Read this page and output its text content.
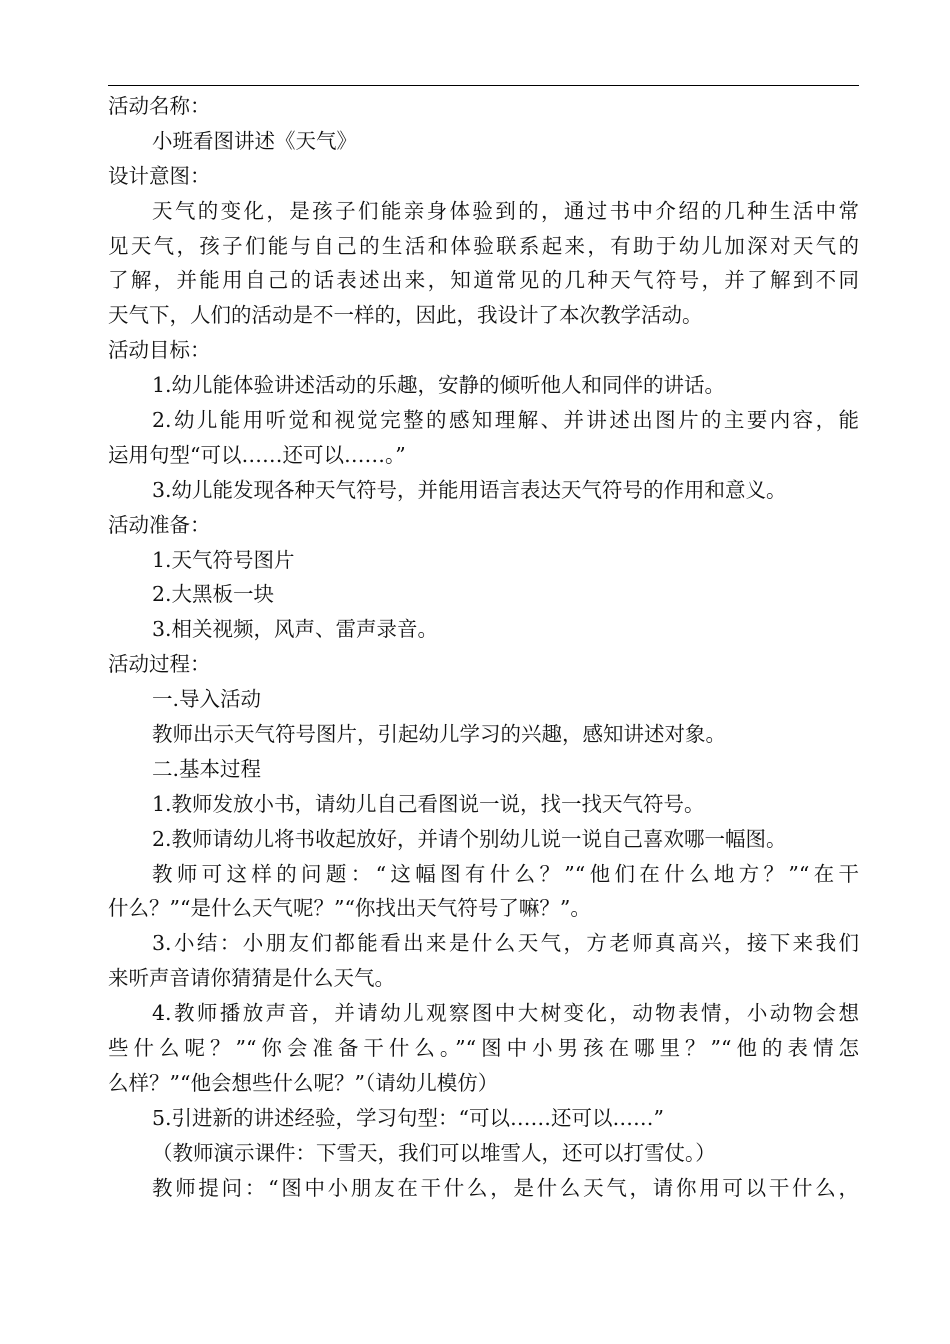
活动名称：
小班看图讲述《天气》
设计意图：
天气的变化，是孩子们能亲身体验到的，通过书中介绍的几种生活中常
见天气，孩子们能与自己的生活和体验联系起来，有助于幼儿加深对天气的
了解，并能用自己的话表述出来，知道常见的几种天气符号，并了解到不同
天气下，人们的活动是不一样的，因此，我设计了本次教学活动。
活动目标：
1.幼儿能体验讲述活动的乐趣，安静的倾听他人和同伴的讲话。
2.幼儿能用听觉和视觉完整的感知理解、并讲述出图片的主要内容，能
运用句型“可以……还可以……。”
3.幼儿能发现各种天气符号，并能用语言表达天气符号的作用和意义。
活动准备：
1.天气符号图片
2.大黑板一块
3.相关视频，风声、雷声录音。
活动过程：
一.导入活动
教师出示天气符号图片，引起幼儿学习的兴趣，感知讲述对象。
二.基本过程
1.教师发放小书，请幼儿自己看图说一说，找一找天气符号。
2.教师请幼儿将书收起放好，并请个别幼儿说一说自己喜欢哪一幅图。
教师可这样的问题：“这幅图有什么？”“他们在什么地方？”“在干
什么？”“是什么天气呢？”“你找出天气符号了嘛？”。
3.小结：小朋友们都能看出来是什么天气，方老师真高兴，接下来我们
来听声音请你猜猜是什么天气。
4.教师播放声音，并请幼儿观察图中大树变化，动物表情，小动物会想
些什么呢？”“你会准备干什么。”“图中小男孩在哪里？”“他的表情怎
么样？”“他会想些什么呢？”（请幼儿模仿）
5.引进新的讲述经验，学习句型：“可以……还可以……”
（教师演示课件：下雪天，我们可以堆雪人，还可以打雪仗。）
教师提问：“图中小朋友在干什么，是什么天气，请你用可以干什么，
